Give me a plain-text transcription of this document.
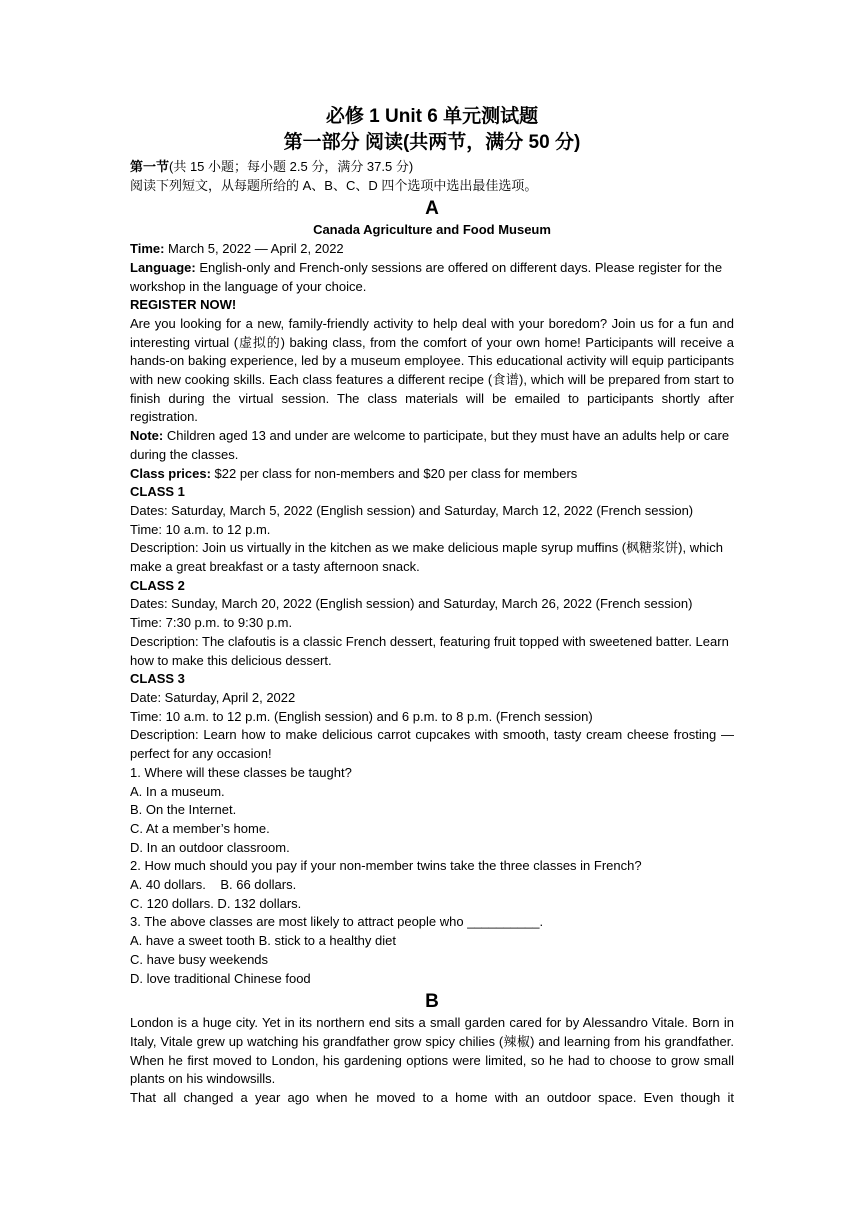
必修 1 Unit 6 单元测试题
第一部分 阅读(共两节，满分 50 分)

第一节(共 15 小题；每小题 2.5 分，满分 37.5 分)

阅读下列短文，从每题所给的 A、B、C、D 四个选项中选出最佳选项。

A

Canada Agriculture and Food Museum

Time: March 5, 2022 — April 2, 2022

Language: English-only and French-only sessions are offered on different days. Please register for the workshop in the language of your choice.

REGISTER NOW!

Are you looking for a new, family-friendly activity to help deal with your boredom? Join us for a fun and interesting virtual (虚拟的) baking class, from the comfort of your own home! Participants will receive a hands-on baking experience, led by a museum employee. This educational activity will equip participants with new cooking skills. Each class features a different recipe (食谱), which will be prepared from start to finish during the virtual session. The class materials will be emailed to participants shortly after registration.

Note: Children aged 13 and under are welcome to participate, but they must have an adults help or care during the classes.

Class prices: $22 per class for non-members and $20 per class for members

CLASS 1

Dates: Saturday, March 5, 2022 (English session) and Saturday, March 12, 2022 (French session)

Time: 10 a.m. to 12 p.m.

Description: Join us virtually in the kitchen as we make delicious maple syrup muffins (枫糖浆饼), which make a great breakfast or a tasty afternoon snack.

CLASS 2

Dates: Sunday, March 20, 2022 (English session) and Saturday, March 26, 2022 (French session)

Time: 7:30 p.m. to 9:30 p.m.

Description: The clafoutis is a classic French dessert, featuring fruit topped with sweetened batter. Learn how to make this delicious dessert.

CLASS 3

Date: Saturday, April 2, 2022

Time: 10 a.m. to 12 p.m. (English session) and 6 p.m. to 8 p.m. (French session)

Description: Learn how to make delicious carrot cupcakes with smooth, tasty cream cheese frosting — perfect for any occasion!

1. Where will these classes be taught?

A. In a museum.

B. On the Internet.

C. At a member’s home.

D. In an outdoor classroom.

2. How much should you pay if your non-member twins take the three classes in French?

A. 40 dollars.    B. 66 dollars.

C. 120 dollars. D. 132 dollars.

3. The above classes are most likely to attract people who __________.

A. have a sweet tooth B. stick to a healthy diet

C. have busy weekends

D. love traditional Chinese food

B

London is a huge city. Yet in its northern end sits a small garden cared for by Alessandro Vitale. Born in Italy, Vitale grew up watching his grandfather grow spicy chilies (辣椒) and learning from his grandfather. When he first moved to London, his gardening options were limited, so he had to choose to grow small plants on his windowsills.

That all changed a year ago when he moved to a home with an outdoor space. Even though it
